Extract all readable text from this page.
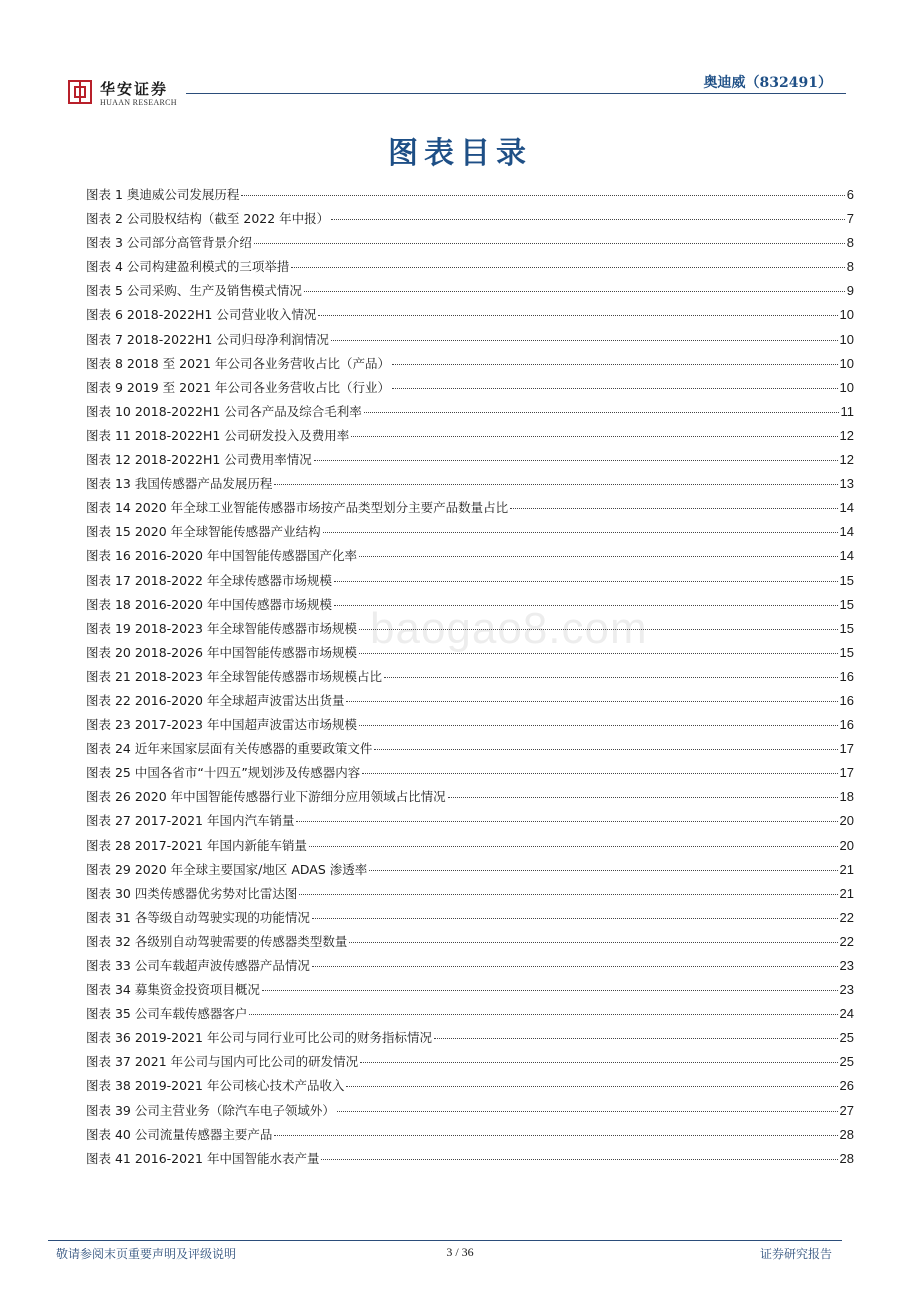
华安证券
HUAAN RESEARCH
奥迪威（832491）
图表目录
baogao8.com
图表 1 奥迪威公司发展历程	6
图表 2 公司股权结构（截至 2022 年中报）	7
图表 3 公司部分高管背景介绍	8
图表 4 公司构建盈利模式的三项举措	8
图表 5 公司采购、生产及销售模式情况	9
图表 6 2018-2022H1 公司营业收入情况	10
图表 7 2018-2022H1 公司归母净利润情况	10
图表 8 2018 至 2021 年公司各业务营收占比（产品）	10
图表 9 2019 至 2021 年公司各业务营收占比（行业）	10
图表 10 2018-2022H1 公司各产品及综合毛利率	11
图表 11 2018-2022H1 公司研发投入及费用率	12
图表 12 2018-2022H1 公司费用率情况	12
图表 13 我国传感器产品发展历程	13
图表 14 2020 年全球工业智能传感器市场按产品类型划分主要产品数量占比	14
图表 15 2020 年全球智能传感器产业结构	14
图表 16 2016-2020 年中国智能传感器国产化率	14
图表 17 2018-2022 年全球传感器市场规模	15
图表 18 2016-2020 年中国传感器市场规模	15
图表 19 2018-2023 年全球智能传感器市场规模	15
图表 20 2018-2026 年中国智能传感器市场规模	15
图表 21 2018-2023 年全球智能传感器市场规模占比	16
图表 22 2016-2020 年全球超声波雷达出货量	16
图表 23 2017-2023 年中国超声波雷达市场规模	16
图表 24 近年来国家层面有关传感器的重要政策文件	17
图表 25 中国各省市“十四五”规划涉及传感器内容	17
图表 26 2020 年中国智能传感器行业下游细分应用领域占比情况	18
图表 27 2017-2021 年国内汽车销量	20
图表 28 2017-2021 年国内新能车销量	20
图表 29 2020 年全球主要国家/地区 ADAS 渗透率	21
图表 30 四类传感器优劣势对比雷达图	21
图表 31 各等级自动驾驶实现的功能情况	22
图表 32 各级别自动驾驶需要的传感器类型数量	22
图表 33 公司车载超声波传感器产品情况	23
图表 34 募集资金投资项目概况	23
图表 35 公司车载传感器客户	24
图表 36 2019-2021 年公司与同行业可比公司的财务指标情况	25
图表 37 2021 年公司与国内可比公司的研发情况	25
图表 38 2019-2021 年公司核心技术产品收入	26
图表 39 公司主营业务（除汽车电子领域外）	27
图表 40 公司流量传感器主要产品	28
图表 41 2016-2021 年中国智能水表产量	28
敬请参阅末页重要声明及评级说明	3 / 36	证券研究报告
